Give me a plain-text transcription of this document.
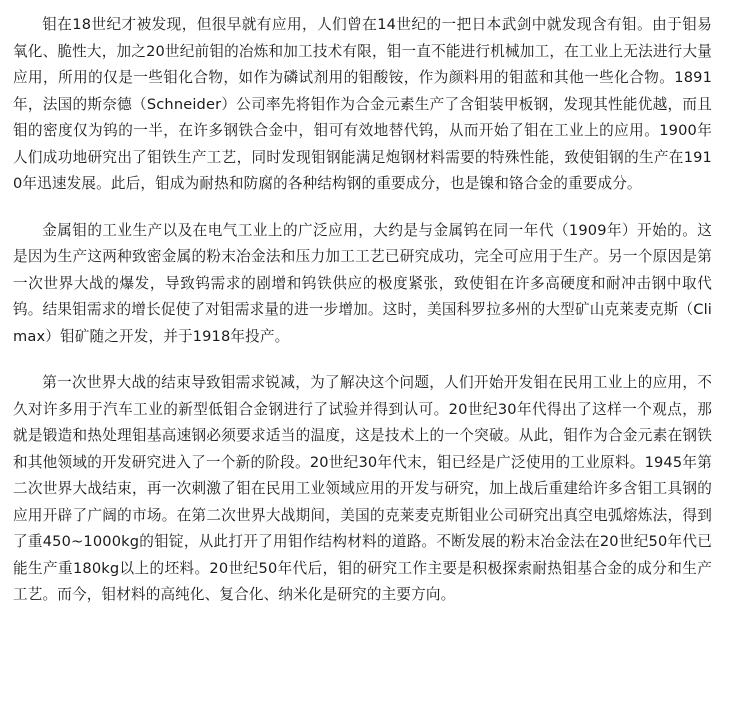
钼在18世纪才被发现，但很早就有应用，人们曾在14世纪的一把日本武剑中就发现含有钼。由于钼易氧化、脆性大，加之20世纪前钼的冶炼和加工技术有限，钼一直不能进行机械加工，在工业上无法进行大量应用，所用的仅是一些钼化合物，如作为磷试剂用的钼酸铵，作为颜料用的钼蓝和其他一些化合物。1891年，法国的斯奈德（Schneider）公司率先将钼作为合金元素生产了含钼装甲板钢，发现其性能优越，而且钼的密度仅为钨的一半，在许多钢铁合金中，钼可有效地替代钨，从而开始了钼在工业上的应用。1900年人们成功地研究出了钼铁生产工艺，同时发现钼钢能满足炮钢材料需要的特殊性能，致使钼钢的生产在1910年迅速发展。此后，钼成为耐热和防腐的各种结构钢的重要成分，也是镍和铬合金的重要成分。

金属钼的工业生产以及在电气工业上的广泛应用，大约是与金属钨在同一年代（1909年）开始的。这是因为生产这两种致密金属的粉末冶金法和压力加工工艺已研究成功，完全可应用于生产。另一个原因是第一次世界大战的爆发，导致钨需求的剧增和钨铁供应的极度紧张，致使钼在许多高硬度和耐冲击钢中取代钨。结果钼需求的增长促使了对钼需求量的进一步增加。这时，美国科罗拉多州的大型矿山克莱麦克斯（Climax）钼矿随之开发，并于1918年投产。

第一次世界大战的结束导致钼需求锐减，为了解决这个问题，人们开始开发钼在民用工业上的应用，不久对许多用于汽车工业的新型低钼合金钢进行了试验并得到认可。20世纪30年代得出了这样一个观点，那就是锻造和热处理钼基高速钢必须要求适当的温度，这是技术上的一个突破。从此，钼作为合金元素在钢铁和其他领域的开发研究进入了一个新的阶段。20世纪30年代末，钼已经是广泛使用的工业原料。1945年第二次世界大战结束，再一次刺激了钼在民用工业领域应用的开发与研究，加上战后重建给许多含钼工具钢的应用开辟了广阔的市场。在第二次世界大战期间，美国的克莱麦克斯钼业公司研究出真空电弧熔炼法，得到了重450~1000kg的钼锭，从此打开了用钼作结构材料的道路。不断发展的粉末冶金法在20世纪50年代已能生产重180kg以上的坯料。20世纪50年代后，钼的研究工作主要是积极探索耐热钼基合金的成分和生产工艺。而今，钼材料的高纯化、复合化、纳米化是研究的主要方向。
